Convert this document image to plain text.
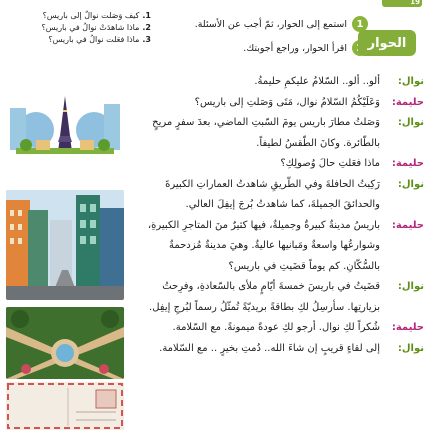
19
1.كيف وَصَلت نوالٌ إلى باريس؟
2.ماذا شاهدَتْ نوالُ في باريس؟
3.ماذا فعَلت نوالُ في باريس؟
1
استمع إلى الحوار، ثمّ أجب عن الأسئلة.
اقرأ الحوار، وراجع أجوبتك.	الحوار
نوال:
ألو.. ألو.. السّلامُ عليكمِ حليمةُ.
حليمة:
وَعَلَيْكُمُ السّلامُ نوال، مَتَى وَصَلتِ إلى باريس؟
نوال:
وَصَلتُ مطارَ باريس يومَ السّبتِ الماضي، بعدَ سفرٍ مريحٍ
بالطّائرة. وكانَ الطّقسُ لطيفاً.
حليمة:
ماذا فعَلتِ حالَ وُصولِكِ؟
نوال:
رَكِبتُ الحافلةَ وفي الطّريقِ شاهدتُ العماراتِ الكبيرةَ
والحدائقَ الجميلةَ، كما شاهدتُ بُرجَ إيفِلَ العالي.
حليمة:
باريسُ مدينةٌ كبيرةٌ وجميلةٌ، فيها كثيرٌ منَ المتاجرِ الكبيرةِ،
وشوارعُها واسعةٌ ومَبانيها عاليةٌ. وهيَ مدينةٌ مُزدحمةٌ
بالسُّكّانِ. كم يوماً قضَيتِ في باريس؟
نوال:
قضَيتُ في باريسَ خمسةَ أيّامٍ ملأى بالسّعادةِ، وفرِحتُ
بزيارتِها. سأرسِلُ لكِ بطاقةً بريديّةً تُمثّلُ رسماً لبُرجِ إيفِل.
حليمة:
شُكراً لكِ نوال. أرجو لكِ عودةً ميمونةً. مع السّلامة.
نوال:
إلى لقاءٍ قريبٍ إن شاءَ الله.. دُمتِ بخيرٍ .. مع السّلامة.
